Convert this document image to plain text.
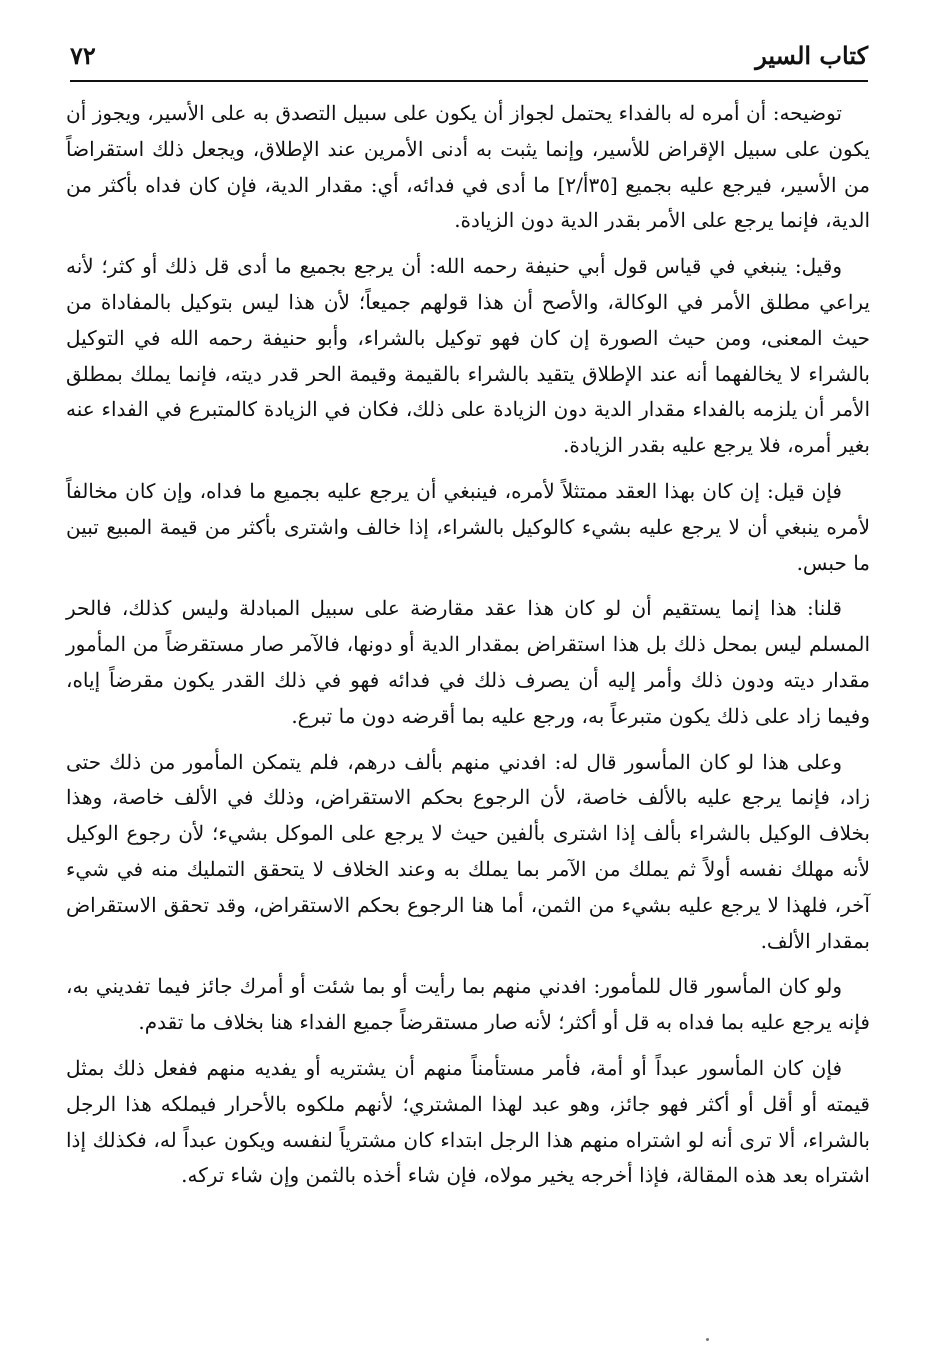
كتاب السير
٧٢

توضيحه: أن أمره له بالفداء يحتمل لجواز أن يكون على سبيل التصدق به على الأسير، ويجوز أن يكون على سبيل الإقراض للأسير، وإنما يثبت به أدنى الأمرين عند الإطلاق، ويجعل ذلك استقراضاً من الأسير، فيرجع عليه بجميع [٣٥أ/٢] ما أدى في فدائه، أي: مقدار الدية، فإن كان فداه بأكثر من الدية، فإنما يرجع على الأمر بقدر الدية دون الزيادة.

وقيل: ينبغي في قياس قول أبي حنيفة رحمه الله: أن يرجع بجميع ما أدى قل ذلك أو كثر؛ لأنه يراعي مطلق الأمر في الوكالة، والأصح أن هذا قولهم جميعاً؛ لأن هذا ليس بتوكيل بالمفاداة من حيث المعنى، ومن حيث الصورة إن كان فهو توكيل بالشراء، وأبو حنيفة رحمه الله في التوكيل بالشراء لا يخالفهما أنه عند الإطلاق يتقيد بالشراء بالقيمة وقيمة الحر قدر ديته، فإنما يملك بمطلق الأمر أن يلزمه بالفداء مقدار الدية دون الزيادة على ذلك، فكان في الزيادة كالمتبرع في الفداء عنه بغير أمره، فلا يرجع عليه بقدر الزيادة.

فإن قيل: إن كان بهذا العقد ممتثلاً لأمره، فينبغي أن يرجع عليه بجميع ما فداه، وإن كان مخالفاً لأمره ينبغي أن لا يرجع عليه بشيء كالوكيل بالشراء، إذا خالف واشترى بأكثر من قيمة المبيع تبين ما حبس.

قلنا: هذا إنما يستقيم أن لو كان هذا عقد مقارضة على سبيل المبادلة وليس كذلك، فالحر المسلم ليس بمحل ذلك بل هذا استقراض بمقدار الدية أو دونها، فالآمر صار مستقرضاً من المأمور مقدار ديته ودون ذلك وأمر إليه أن يصرف ذلك في فدائه فهو في ذلك القدر يكون مقرضاً إياه، وفيما زاد على ذلك يكون متبرعاً به، ورجع عليه بما أقرضه دون ما تبرع.

وعلى هذا لو كان المأسور قال له: افدني منهم بألف درهم، فلم يتمكن المأمور من ذلك حتى زاد، فإنما يرجع عليه بالألف خاصة، لأن الرجوع بحكم الاستقراض، وذلك في الألف خاصة، وهذا بخلاف الوكيل بالشراء بألف إذا اشترى بألفين حيث لا يرجع على الموكل بشيء؛ لأن رجوع الوكيل لأنه مهلك نفسه أولاً ثم يملك من الآمر بما يملك به وعند الخلاف لا يتحقق التمليك منه في شيء آخر، فلهذا لا يرجع عليه بشيء من الثمن، أما هنا الرجوع بحكم الاستقراض، وقد تحقق الاستقراض بمقدار الألف.

ولو كان المأسور قال للمأمور: افدني منهم بما رأيت أو بما شئت أو أمرك جائز فيما تفديني به، فإنه يرجع عليه بما فداه به قل أو أكثر؛ لأنه صار مستقرضاً جميع الفداء هنا بخلاف ما تقدم.

فإن كان المأسور عبداً أو أمة، فأمر مستأمناً منهم أن يشتريه أو يفديه منهم ففعل ذلك بمثل قيمته أو أقل أو أكثر فهو جائز، وهو عبد لهذا المشتري؛ لأنهم ملكوه بالأحرار فيملكه هذا الرجل بالشراء، ألا ترى أنه لو اشتراه منهم هذا الرجل ابتداء كان مشترياً لنفسه ويكون عبداً له، فكذلك إذا اشتراه بعد هذه المقالة، فإذا أخرجه يخير مولاه، فإن شاء أخذه بالثمن وإن شاء تركه.
